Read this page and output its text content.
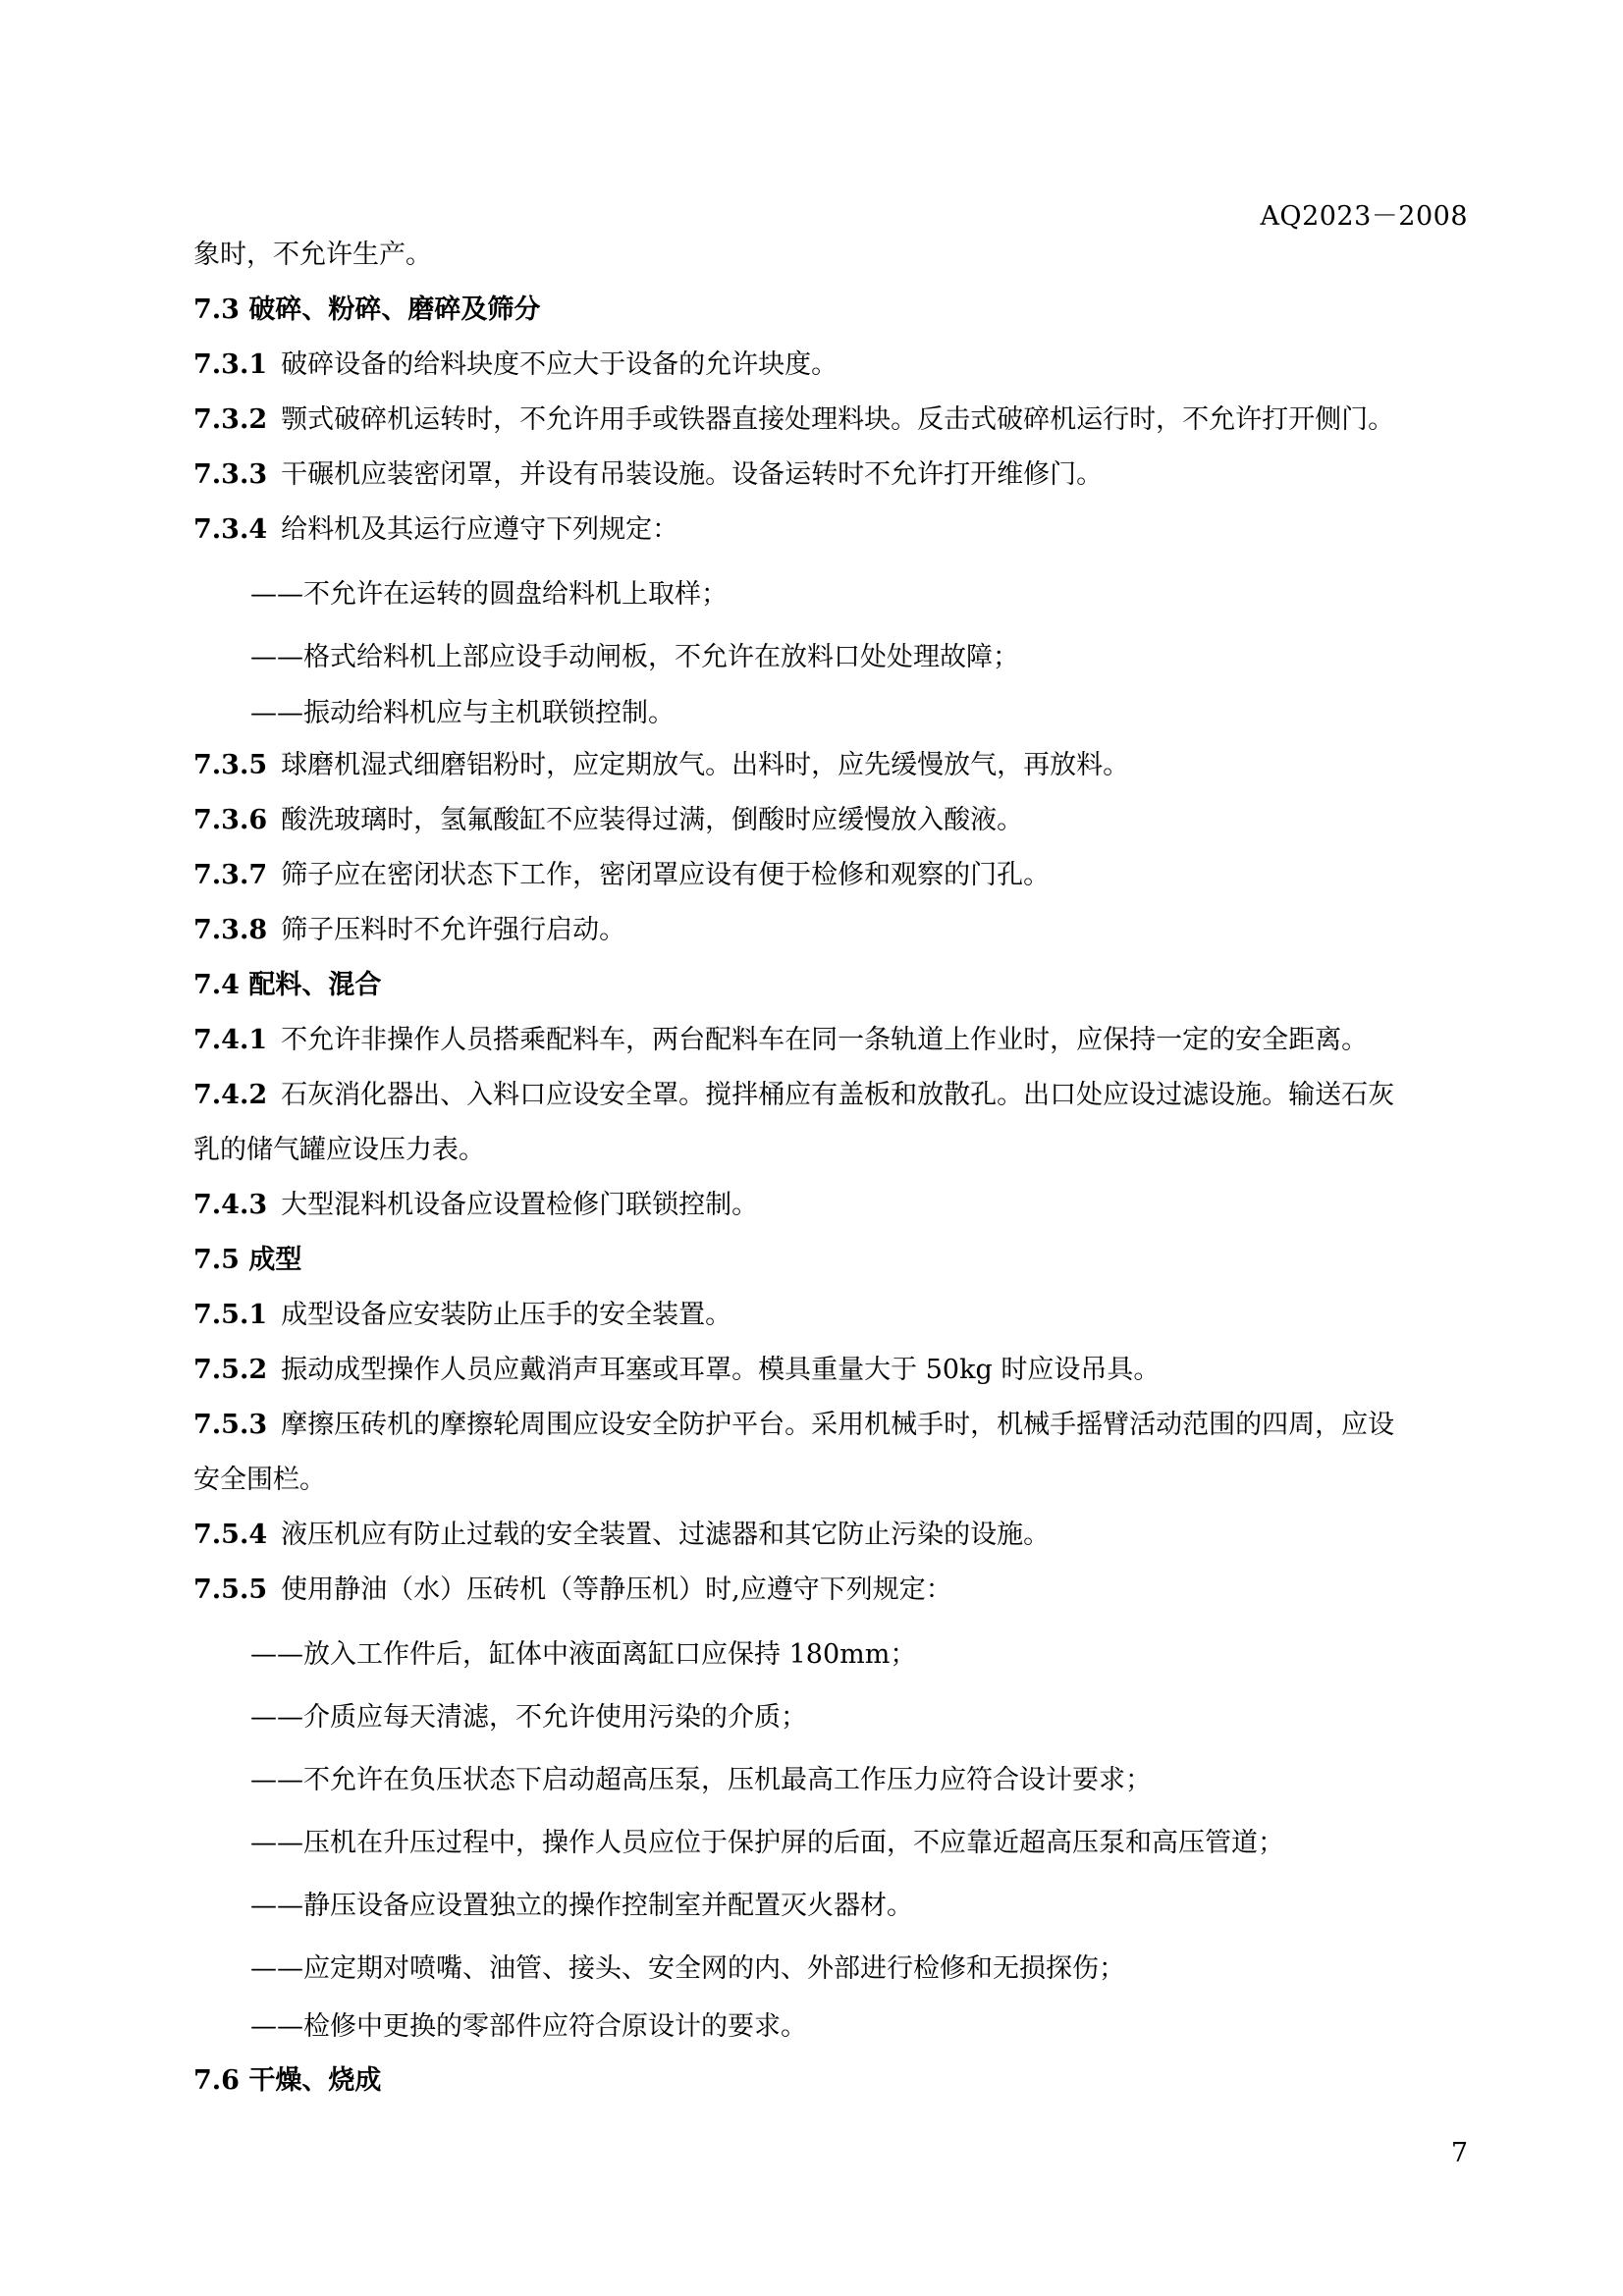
AQ2023－2008
象时，不允许生产。
7.3 破碎、粉碎、磨碎及筛分
7.3.1 破碎设备的给料块度不应大于设备的允许块度。
7.3.2 颚式破碎机运转时，不允许用手或铁器直接处理料块。反击式破碎机运行时，不允许打开侧门。
7.3.3 干碾机应装密闭罩，并设有吊装设施。设备运转时不允许打开维修门。
7.3.4 给料机及其运行应遵守下列规定：
——不允许在运转的圆盘给料机上取样；
——格式给料机上部应设手动闸板，不允许在放料口处处理故障；
——振动给料机应与主机联锁控制。
7.3.5 球磨机湿式细磨铝粉时，应定期放气。出料时，应先缓慢放气，再放料。
7.3.6 酸洗玻璃时，氢氟酸缸不应装得过满，倒酸时应缓慢放入酸液。
7.3.7 筛子应在密闭状态下工作，密闭罩应设有便于检修和观察的门孔。
7.3.8 筛子压料时不允许强行启动。
7.4 配料、混合
7.4.1 不允许非操作人员搭乘配料车，两台配料车在同一条轨道上作业时，应保持一定的安全距离。
7.4.2 石灰消化器出、入料口应设安全罩。搅拌桶应有盖板和放散孔。出口处应设过滤设施。输送石灰
乳的储气罐应设压力表。
7.4.3 大型混料机设备应设置检修门联锁控制。
7.5 成型
7.5.1 成型设备应安装防止压手的安全装置。
7.5.2 振动成型操作人员应戴消声耳塞或耳罩。模具重量大于 50kg 时应设吊具。
7.5.3 摩擦压砖机的摩擦轮周围应设安全防护平台。采用机械手时，机械手摇臂活动范围的四周，应设
安全围栏。
7.5.4 液压机应有防止过载的安全装置、过滤器和其它防止污染的设施。
7.5.5 使用静油（水）压砖机（等静压机）时,应遵守下列规定：
——放入工作件后，缸体中液面离缸口应保持 180mm；
——介质应每天清滤，不允许使用污染的介质；
——不允许在负压状态下启动超高压泵，压机最高工作压力应符合设计要求；
——压机在升压过程中，操作人员应位于保护屏的后面，不应靠近超高压泵和高压管道；
——静压设备应设置独立的操作控制室并配置灭火器材。
——应定期对喷嘴、油管、接头、安全网的内、外部进行检修和无损探伤；
——检修中更换的零部件应符合原设计的要求。
7.6 干燥、烧成
7
